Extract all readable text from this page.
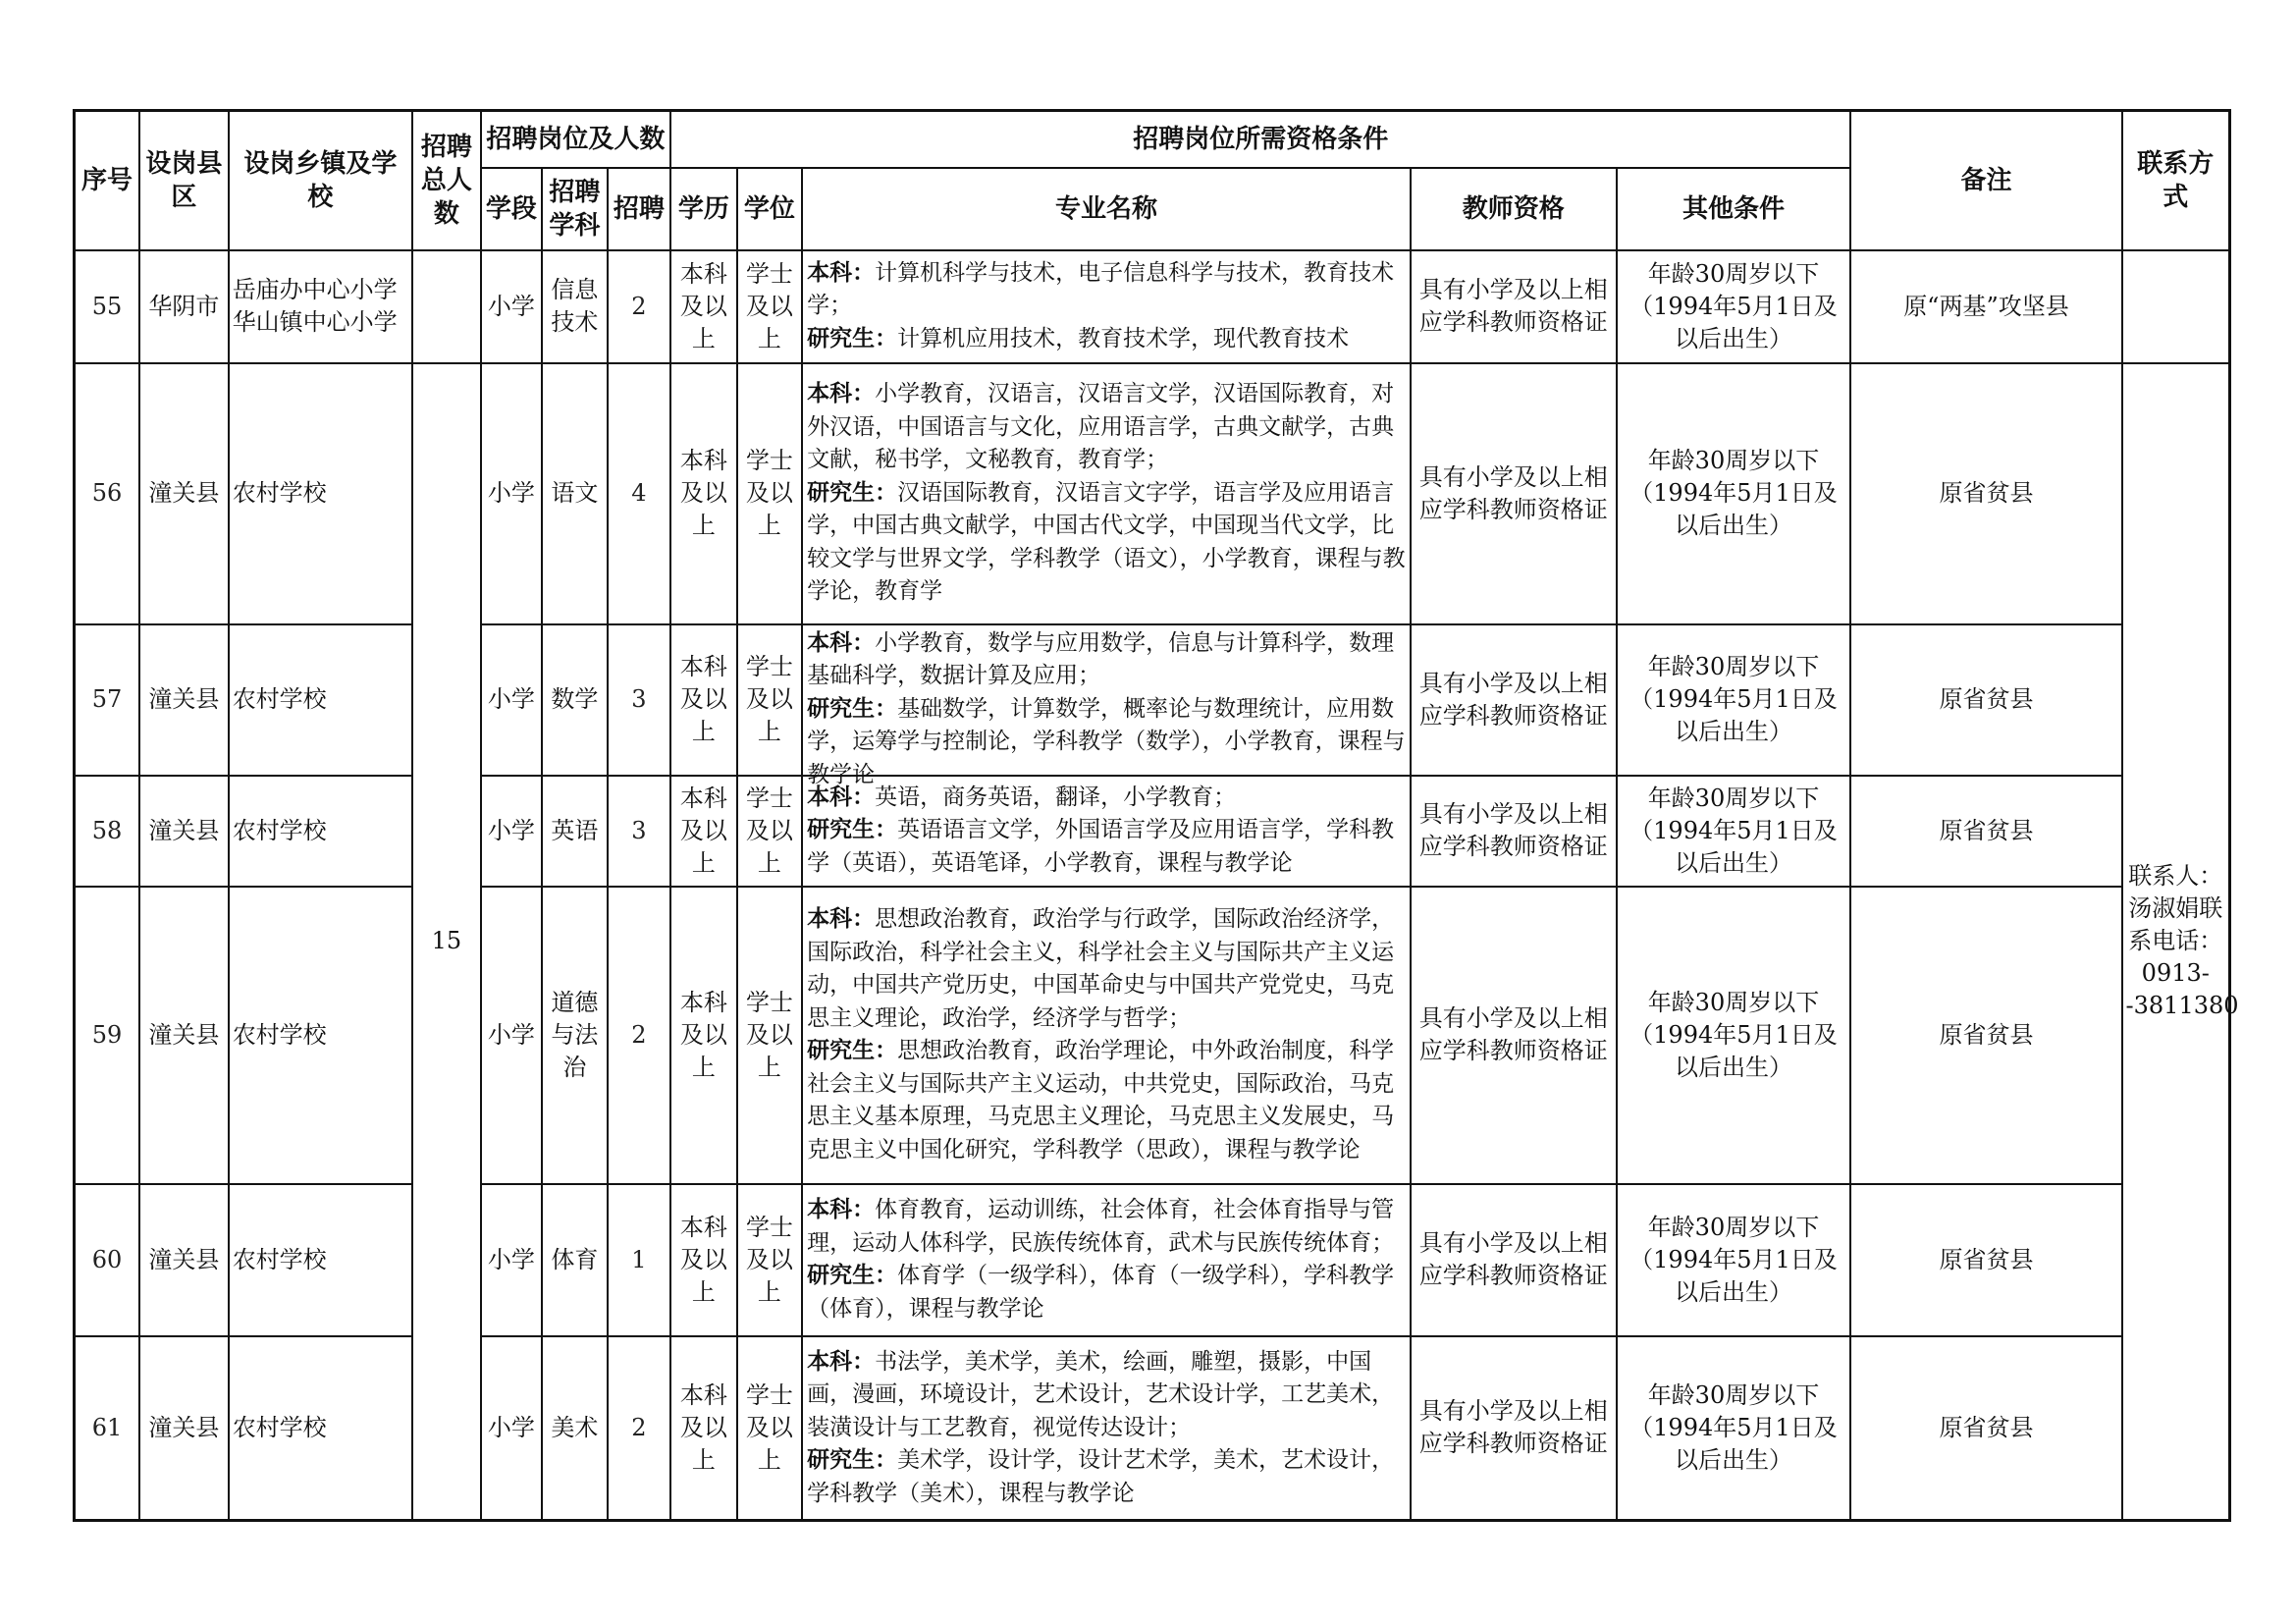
序号	设岗县区	设岗乡镇及学校	招聘总人数	招聘岗位及人数			招聘岗位所需资格条件					备注	联系方式
				学段	招聘学科	招聘	学历	学位	专业名称	教师资格	其他条件		
55	华阴市	岳庙办中心小学华山镇中心小学		小学	信息技术	2	本科及以上	学士及以上	本科：计算机科学与技术，电子信息科学与技术，教育技术学；
研究生：计算机应用技术，教育技术学，现代教育技术	具有小学及以上相应学科教师资格证	年龄30周岁以下（1994年5月1日及以后出生）	原“两基”攻坚县	
56	潼关县	农村学校	15	小学	语文	4	本科及以上	学士及以上	本科：小学教育，汉语言，汉语言文学，汉语国际教育，对外汉语，中国语言与文化，应用语言学，古典文献学，古典文献，秘书学，文秘教育，教育学；
研究生：汉语国际教育，汉语言文字学，语言学及应用语言学，中国古典文献学，中国古代文学，中国现当代文学，比较文学与世界文学，学科教学（语文），小学教育，课程与教学论，教育学	具有小学及以上相应学科教师资格证	年龄30周岁以下（1994年5月1日及以后出生）	原省贫县	联系人：汤淑娟联系电话：0913--3811380
57	潼关县	农村学校		小学	数学	3	本科及以上	学士及以上	本科：小学教育，数学与应用数学，信息与计算科学，数理基础科学，数据计算及应用；
研究生：基础数学，计算数学，概率论与数理统计，应用数学，运筹学与控制论，学科教学（数学），小学教育，课程与教学论	具有小学及以上相应学科教师资格证	年龄30周岁以下（1994年5月1日及以后出生）	原省贫县	
58	潼关县	农村学校		小学	英语	3	本科及以上	学士及以上	本科：英语，商务英语，翻译，小学教育；
研究生：英语语言文学，外国语言学及应用语言学，学科教学（英语），英语笔译，小学教育，课程与教学论	具有小学及以上相应学科教师资格证	年龄30周岁以下（1994年5月1日及以后出生）	原省贫县	
59	潼关县	农村学校		小学	道德与法治	2	本科及以上	学士及以上	本科：思想政治教育，政治学与行政学，国际政治经济学，国际政治，科学社会主义，科学社会主义与国际共产主义运动，中国共产党历史，中国革命史与中国共产党党史，马克思主义理论，政治学，经济学与哲学；
研究生：思想政治教育，政治学理论，中外政治制度，科学社会主义与国际共产主义运动，中共党史，国际政治，马克思主义基本原理，马克思主义理论，马克思主义发展史，马克思主义中国化研究，学科教学（思政），课程与教学论	具有小学及以上相应学科教师资格证	年龄30周岁以下（1994年5月1日及以后出生）	原省贫县	
60	潼关县	农村学校		小学	体育	1	本科及以上	学士及以上	本科：体育教育，运动训练，社会体育，社会体育指导与管理，运动人体科学，民族传统体育，武术与民族传统体育；
研究生：体育学（一级学科），体育（一级学科），学科教学（体育），课程与教学论	具有小学及以上相应学科教师资格证	年龄30周岁以下（1994年5月1日及以后出生）	原省贫县	
61	潼关县	农村学校		小学	美术	2	本科及以上	学士及以上	本科：书法学，美术学，美术，绘画，雕塑，摄影，中国画，漫画，环境设计，艺术设计，艺术设计学，工艺美术，装潢设计与工艺教育，视觉传达设计；
研究生：美术学，设计学，设计艺术学，美术，艺术设计，学科教学（美术），课程与教学论	具有小学及以上相应学科教师资格证	年龄30周岁以下（1994年5月1日及以后出生）	原省贫县	
